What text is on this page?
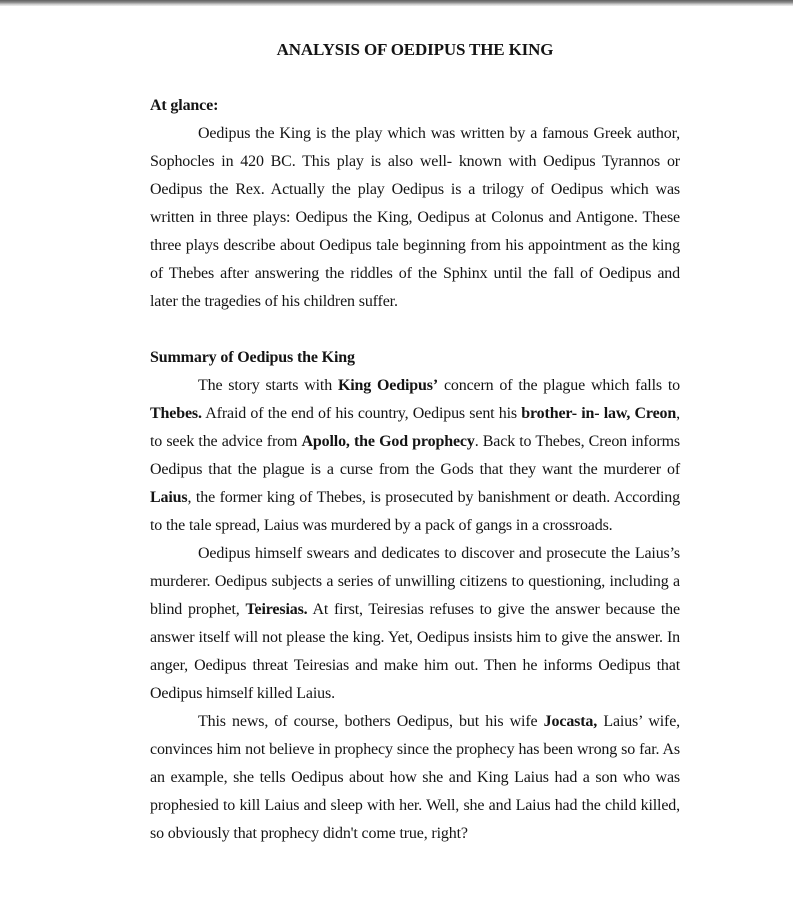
ANALYSIS OF OEDIPUS THE KING
At glance:
Oedipus the King is the play which was written by a famous Greek author, Sophocles in 420 BC. This play is also well- known with Oedipus Tyrannos or Oedipus the Rex. Actually the play Oedipus is a trilogy of Oedipus which was written in three plays: Oedipus the King, Oedipus at Colonus and Antigone. These three plays describe about Oedipus tale beginning from his appointment as the king of Thebes after answering the riddles of the Sphinx until the fall of Oedipus and later the tragedies of his children suffer.
Summary of Oedipus the King
The story starts with King Oedipus’ concern of the plague which falls to Thebes. Afraid of the end of his country, Oedipus sent his brother- in- law, Creon, to seek the advice from Apollo, the God prophecy. Back to Thebes, Creon informs Oedipus that the plague is a curse from the Gods that they want the murderer of Laius, the former king of Thebes, is prosecuted by banishment or death. According to the tale spread, Laius was murdered by a pack of gangs in a crossroads.
Oedipus himself swears and dedicates to discover and prosecute the Laius’s murderer. Oedipus subjects a series of unwilling citizens to questioning, including a blind prophet, Teiresias. At first, Teiresias refuses to give the answer because the answer itself will not please the king. Yet, Oedipus insists him to give the answer. In anger, Oedipus threat Teiresias and make him out. Then he informs Oedipus that Oedipus himself killed Laius.
This news, of course, bothers Oedipus, but his wife Jocasta, Laius’ wife, convinces him not believe in prophecy since the prophecy has been wrong so far. As an example, she tells Oedipus about how she and King Laius had a son who was prophesied to kill Laius and sleep with her. Well, she and Laius had the child killed, so obviously that prophecy didn't come true, right?
